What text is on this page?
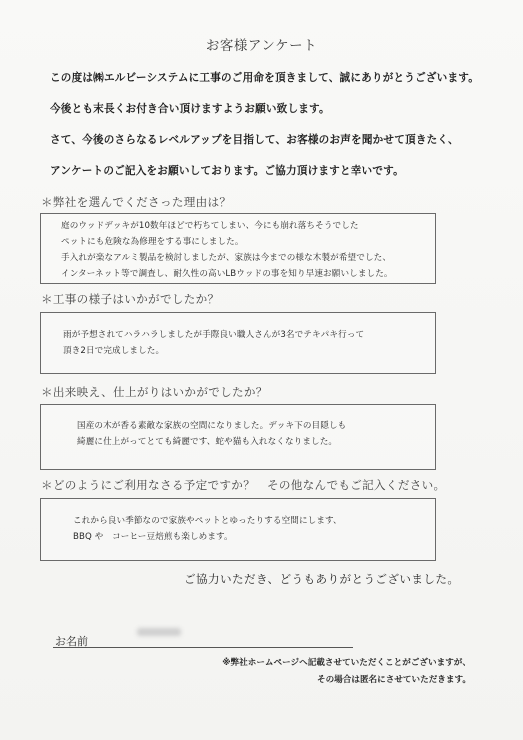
お客様アンケート
この度は㈱エルビーシステムに工事のご用命を頂きまして、誠にありがとうございます。
今後とも末長くお付き合い頂けますようお願い致します。
さて、今後のさらなるレベルアップを目指して、お客様のお声を聞かせて頂きたく、
アンケートのご記入をお願いしております。ご協力頂けますと幸いです。
＊弊社を選んでくださった理由は？
庭のウッドデッキが10数年ほどで朽ちてしまい、今にも崩れ落ちそうでした
ペットにも危険な為修理をする事にしました。
手入れが楽なアルミ製品を検討しましたが、家族は今までの様な木製が希望でした、
インターネット等で調査し、耐久性の高いLBウッドの事を知り早速お願いしました。
＊工事の様子はいかがでしたか？
雨が予想されてハラハラしましたが手際良い職人さんが3名でテキパキ行って
頂き2日で完成しました。
＊出来映え、仕上がりはいかがでしたか？
国産の木が香る素敵な家族の空間になりました。デッキ下の目隠しも
綺麗に仕上がってとても綺麗です、蛇や猫も入れなくなりました。
＊どのようにご利用なさる予定ですか？　その他なんでもご記入ください。
これから良い季節なので家族やペットとゆったりする空間にします、
BBQ や　コーヒー豆焙煎も楽しめます。
ご協力いただき、どうもありがとうございました。
お名前
※弊社ホームページへ記載させていただくことがございますが、
その場合は匿名にさせていただきます。
